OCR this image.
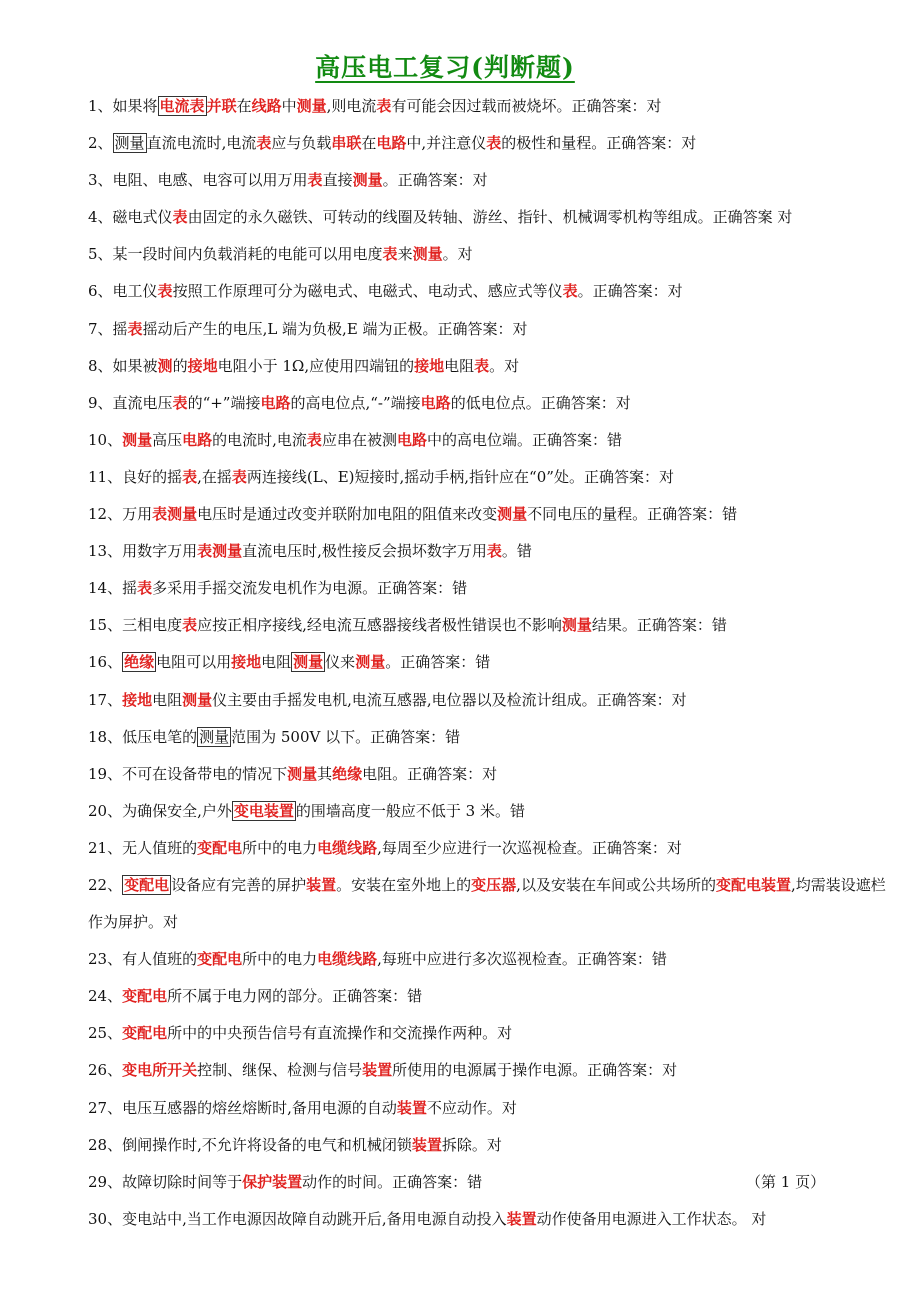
高压电工复习(判断题)
1、如果将 电流表 并联在线路中测量,则电流表有可能会因过载而被烧坏。正确答案：对
2、 测量 直流电流时,电流表应与负载串联在电路中,并注意仪表的极性和量程。正确答案：对
3、电阻、电感、电容可以用万用表直接测量。正确答案：对
4、磁电式仪表由固定的永久磁铁、可转动的线圈及转轴、游丝、指针、机械调零机构等组成。正确答案 对
5、某一段时间内负载消耗的电能可以用电度表来测量。对
6、电工仪表按照工作原理可分为磁电式、电磁式、电动式、感应式等仪表。正确答案：对
7、摇表摇动后产生的电压,L 端为负极,E 端为正极。正确答案：对
8、如果被测的接地电阻小于 1Ω,应使用四端钮的接地电阻表。对
9、直流电压表的“+”端接电路的高电位点,“-”端接电路的低电位点。正确答案：对
10、测量高压电路的电流时,电流表应串在被测电路中的高电位端。正确答案：错
11、良好的摇表,在摇表两连接线(L、E)短接时,摇动手柄,指针应在“0”处。正确答案：对
12、万用表测量电压时是通过改变并联附加电阻的阻值来改变测量不同电压的量程。正确答案：错
13、用数字万用表测量直流电压时,极性接反会损坏数字万用表。错
14、摇表多采用手摇交流发电机作为电源。正确答案：错
15、三相电度表应按正相序接线,经电流互感器接线者极性错误也不影响测量结果。正确答案：错
16、 绝缘 电阻可以用接地电阻 测量 仪来测量。正确答案：错
17、接地电阻测量仪主要由手摇发电机,电流互感器,电位器以及检流计组成。正确答案：对
18、低压电笔的 测量 范围为 500V 以下。正确答案：错
19、不可在设备带电的情况下测量其绝缘电阻。正确答案：对
20、为确保安全,户外 变电装置 的围墙高度一般应不低于 3 米。错
21、无人值班的变配电所中的电力电缆线路,每周至少应进行一次巡视检查。正确答案：对
22、 变配电 设备应有完善的屏护装置。安装在室外地上的变压器,以及安装在车间或公共场所的变配电装置,均需装设遮栏作为屏护。对
23、有人值班的变配电所中的电力电缆线路,每班中应进行多次巡视检查。正确答案：错
24、变配电所不属于电力网的部分。正确答案：错
25、变配电所中的中央预告信号有直流操作和交流操作两种。对
26、变电所开关控制、继保、检测与信号装置所使用的电源属于操作电源。正确答案：对
27、电压互感器的熔丝熔断时,备用电源的自动装置不应动作。对
28、倒闸操作时,不允许将设备的电气和机械闭锁装置拆除。对
29、故障切除时间等于保护装置动作的时间。正确答案：错
30、变电站中,当工作电源因故障自动跳开后,备用电源自动投入装置动作使备用电源进入工作状态。 对
（第 1 页）
